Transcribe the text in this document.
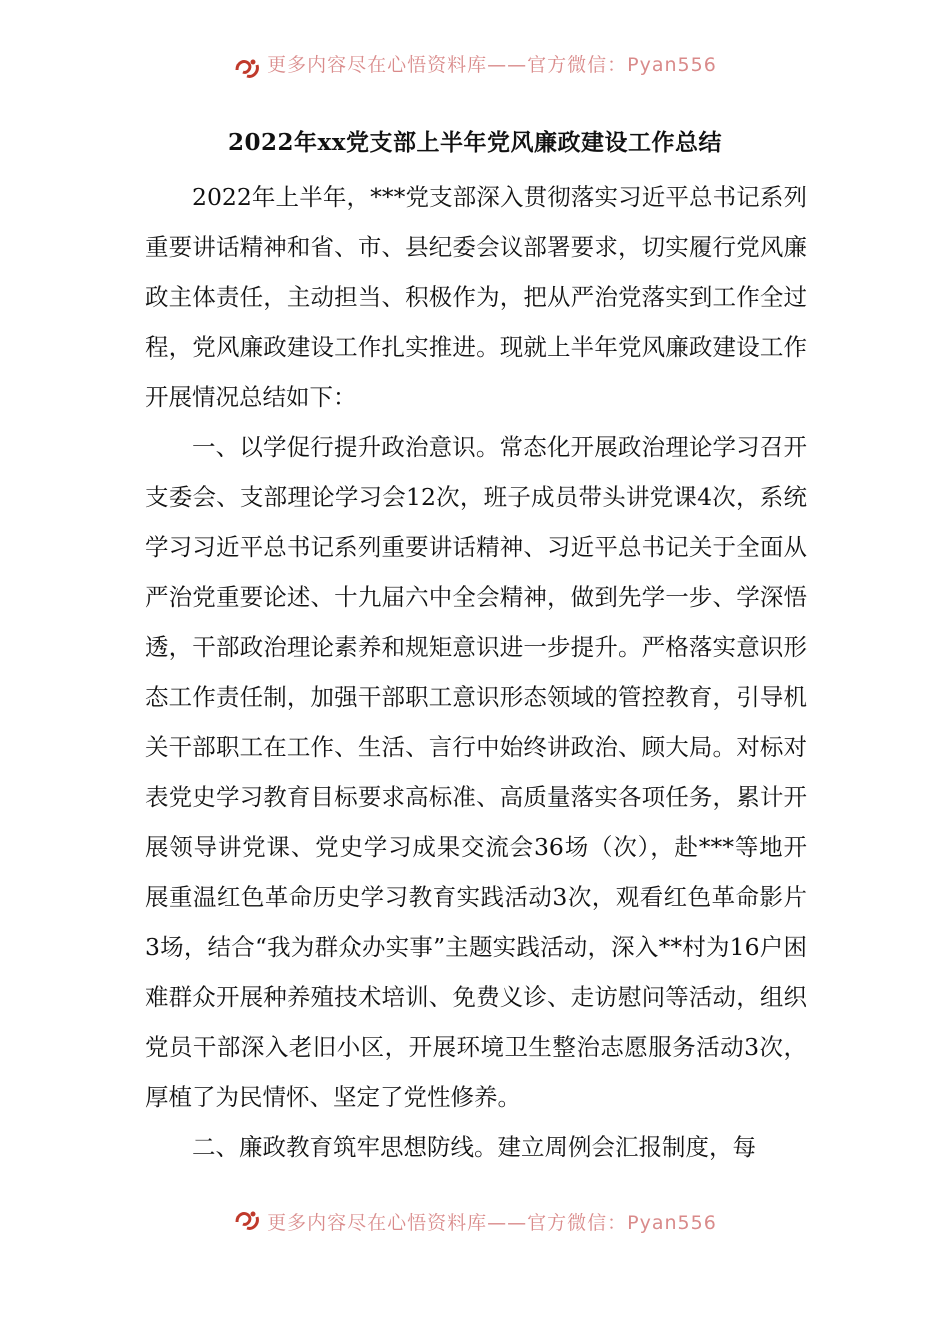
更多内容尽在心悟资料库——官方微信：Pyan556
2022年xx党支部上半年党风廉政建设工作总结

2022年上半年，***党支部深入贯彻落实习近平总书记系列重要讲话精神和省、市、县纪委会议部署要求，切实履行党风廉政主体责任，主动担当、积极作为，把从严治党落实到工作全过程，党风廉政建设工作扎实推进。现就上半年党风廉政建设工作开展情况总结如下：

一、以学促行提升政治意识。常态化开展政治理论学习召开支委会、支部理论学习会12次，班子成员带头讲党课4次，系统学习习近平总书记系列重要讲话精神、习近平总书记关于全面从严治党重要论述、十九届六中全会精神，做到先学一步、学深悟透，干部政治理论素养和规矩意识进一步提升。严格落实意识形态工作责任制，加强干部职工意识形态领域的管控教育，引导机关干部职工在工作、生活、言行中始终讲政治、顾大局。对标对表党史学习教育目标要求高标准、高质量落实各项任务，累计开展领导讲党课、党史学习成果交流会36场（次），赴***等地开展重温红色革命历史学习教育实践活动3次，观看红色革命影片3场，结合“我为群众办实事”主题实践活动，深入**村为16户困难群众开展种养殖技术培训、免费义诊、走访慰问等活动，组织党员干部深入老旧小区，开展环境卫生整治志愿服务活动3次，厚植了为民情怀、坚定了党性修养。

二、廉政教育筑牢思想防线。建立周例会汇报制度，每

更多内容尽在心悟资料库——官方微信：Pyan556
